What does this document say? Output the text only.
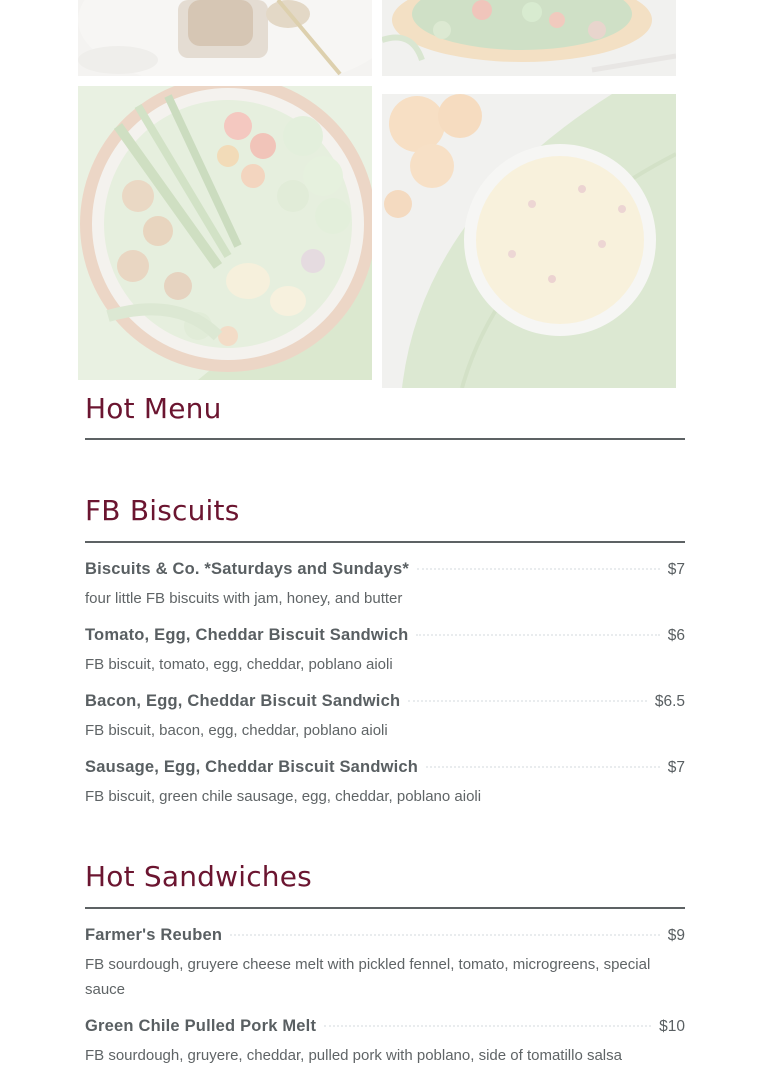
Hot Menu
FB Biscuits
Biscuits & Co. *Saturdays and Sundays*	$7
four little FB biscuits with jam, honey, and butter
Tomato, Egg, Cheddar Biscuit Sandwich	$6
FB biscuit, tomato, egg, cheddar, poblano aioli
Bacon, Egg, Cheddar Biscuit Sandwich	$6.5
FB biscuit, bacon, egg, cheddar, poblano aioli
Sausage, Egg, Cheddar Biscuit Sandwich	$7
FB biscuit, green chile sausage, egg, cheddar, poblano aioli
Hot Sandwiches
Farmer's Reuben	$9
FB sourdough, gruyere cheese melt with pickled fennel, tomato, microgreens, special sauce
Green Chile Pulled Pork Melt	$10
FB sourdough, gruyere, cheddar, pulled pork with poblano, side of tomatillo salsa
